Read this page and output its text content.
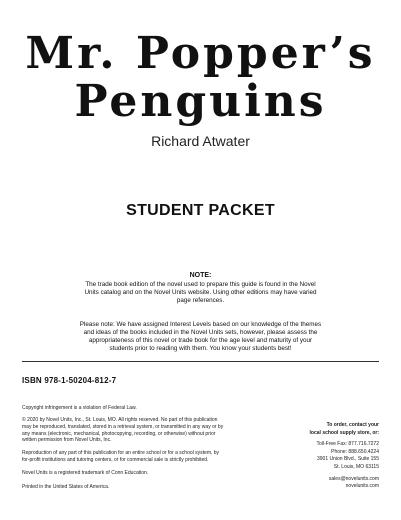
Mr. Popper’s
Penguins
Richard Atwater
STUDENT PACKET
NOTE:
The trade book edition of the novel used to prepare this guide is found in the Novel Units catalog and on the Novel Units website. Using other editions may have varied page references.
Please note: We have assigned Interest Levels based on our knowledge of the themes and ideas of the books included in the Novel Units sets, however, please assess the appropriateness of this novel or trade book for the age level and maturity of your students prior to reading with them. You know your students best!
ISBN 978-1-50204-812-7
Copyright infringement is a violation of Federal Law.
© 2020 by Novel Units, Inc., St. Louis, MO. All rights reserved. No part of this publication may be reproduced, translated, stored in a retrieval system, or transmitted in any way or by any means (electronic, mechanical, photocopying, recording, or otherwise) without prior written permission from Novel Units, Inc.
Reproduction of any part of this publication for an entire school or for a school system, by for-profit institutions and tutoring centers, or for commercial sale is strictly prohibited.
Novel Units is a registered trademark of Conn Education.
Printed in the United States of America.
To order, contact your
local school supply store, or:
Toll-Free Fax: 877.716.7272
Phone: 888.650.4224
3901 Union Blvd., Suite 155
St. Louis, MO 63115
sales@novelunits.com
novelunits.com
